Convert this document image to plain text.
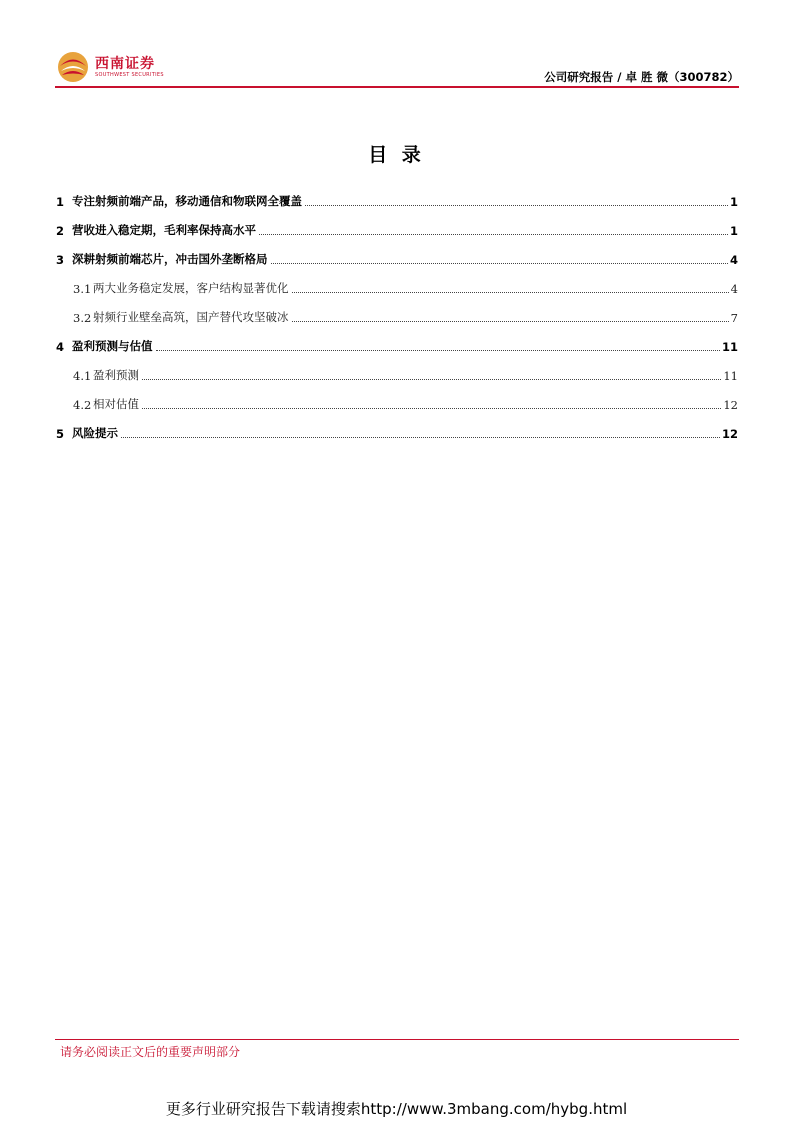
西南证券
SOUTHWEST SECURITIES	公司研究报告 / 卓 胜 微（300782）
目 录
1 专注射频前端产品，移动通信和物联网全覆盖	1
2 营收进入稳定期，毛利率保持高水平	1
3 深耕射频前端芯片，冲击国外垄断格局	4
3.1 两大业务稳定发展，客户结构显著优化	4
3.2 射频行业壁垒高筑，国产替代攻坚破冰	7
4 盈利预测与估值	11
4.1 盈利预测	11
4.2 相对估值	12
5 风险提示	12
请务必阅读正文后的重要声明部分
更多行业研究报告下载请搜索http://www.3mbang.com/hybg.html
